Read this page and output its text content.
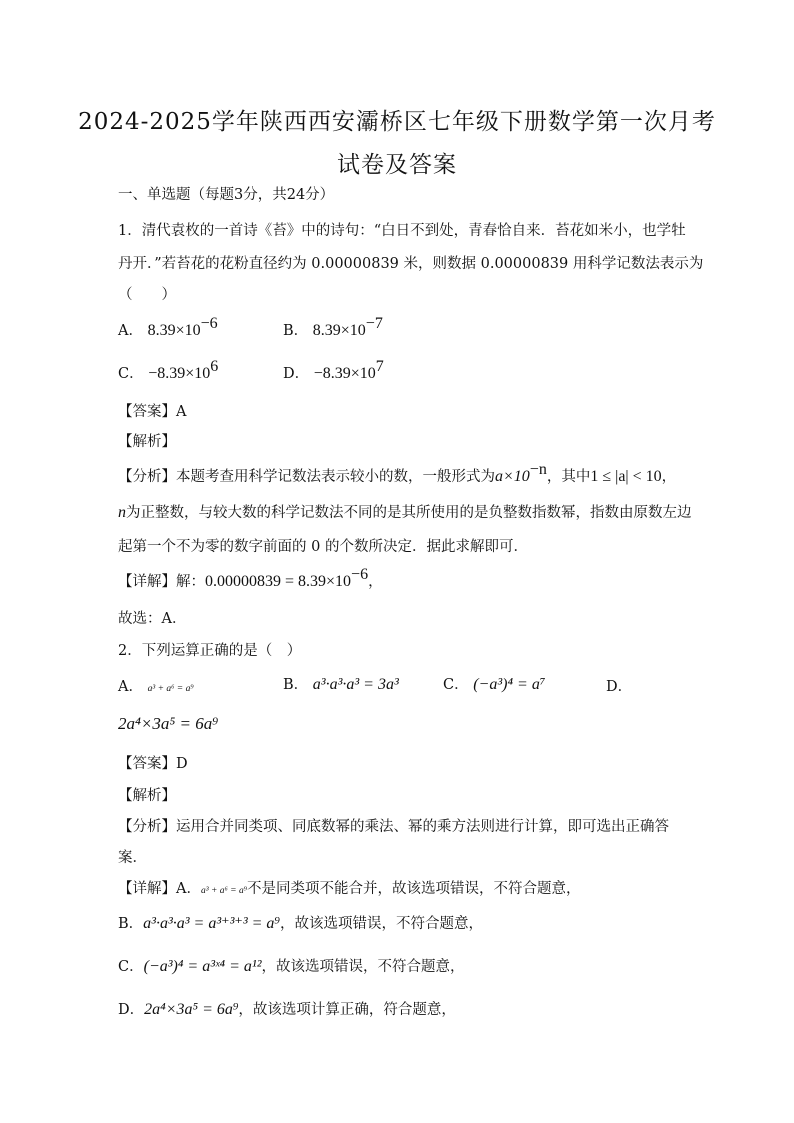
2024-2025学年陕西西安灞桥区七年级下册数学第一次月考
试卷及答案
一、单选题（每题3分，共24分）
1．清代袁枚的一首诗《苔》中的诗句：“白日不到处，青春恰自来．苔花如米小，也学牡
丹开．”若苔花的花粉直径约为 0.00000839 米，则数据 0.00000839 用科学记数法表示为
（　　）
A． $8.39\times 10^{-6}$	B． $8.39\times 10^{-7}$
C． $-8.39\times 10^6$	D． $-8.39\times 10^7$
【答案】A
【解析】
【分析】本题考查用科学记数法表示较小的数，一般形式为$a\times 10^{-n}$，其中1 ≤ |a| < 10，
n为正整数，与较大数的科学记数法不同的是其所使用的是负整数指数幂，指数由原数左边
起第一个不为零的数字前面的 0 的个数所决定．据此求解即可．
【详解】解：$0.00000839 = 8.39\times 10^{-6}$，
故选：A．
2．下列运算正确的是（　）
A． a³ + a⁶ = a⁹	B． a³·a³·a³ = 3a³	C． (−a³)⁴ = a⁷	D．
2a⁴×3a⁵ = 6a⁹
【答案】D
【解析】
【分析】运用合并同类项、同底数幂的乘法、幂的乘方法则进行计算，即可选出正确答
案．
【详解】A．a³ + a⁶ = a⁹不是同类项不能合并，故该选项错误，不符合题意，
B．a³·a³·a³ = a³⁺³⁺³ = a⁹，故该选项错误，不符合题意，
C．(−a³)⁴ = a³ˣ⁴ = a¹²，故该选项错误，不符合题意，
D．2a⁴×3a⁵ = 6a⁹，故该选项计算正确，符合题意，
